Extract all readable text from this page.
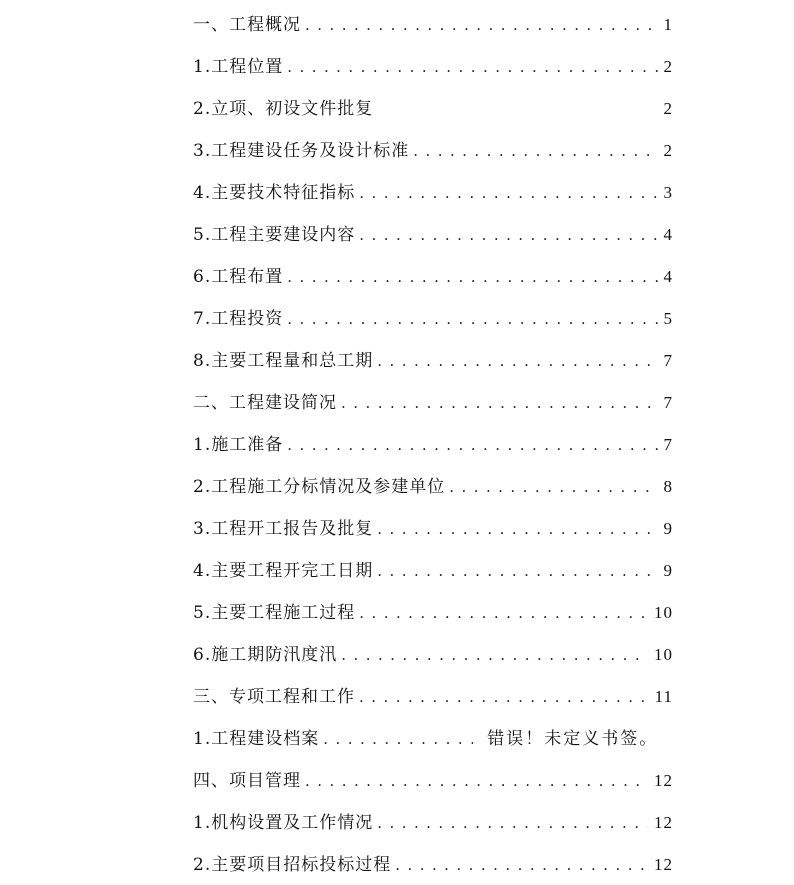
一、工程概况 . . .	1
1.工程位置 . . .	2
2.立项、初设文件批复	2
3.工程建设任务及设计标准 . . .	2
4.主要技术特征指标 . . .	3
5.工程主要建设内容 . . .	4
6.工程布置 . . .	4
7.工程投资 . . .	5
8.主要工程量和总工期 . . .	7
二、工程建设简况 . . .	7
1.施工准备 . . .	7
2.工程施工分标情况及参建单位 . . .	8
3.工程开工报告及批复 . . .	9
4.主要工程开完工日期 . . .	9
5.主要工程施工过程 . . .	10
6.施工期防汛度汛 . . .	10
三、专项工程和工作 . . .	11
1.工程建设档案 . . .	错误！未定义书签。
四、项目管理 . . .	12
1.机构设置及工作情况 . . .	12
2.主要项目招标投标过程 . . .	12
